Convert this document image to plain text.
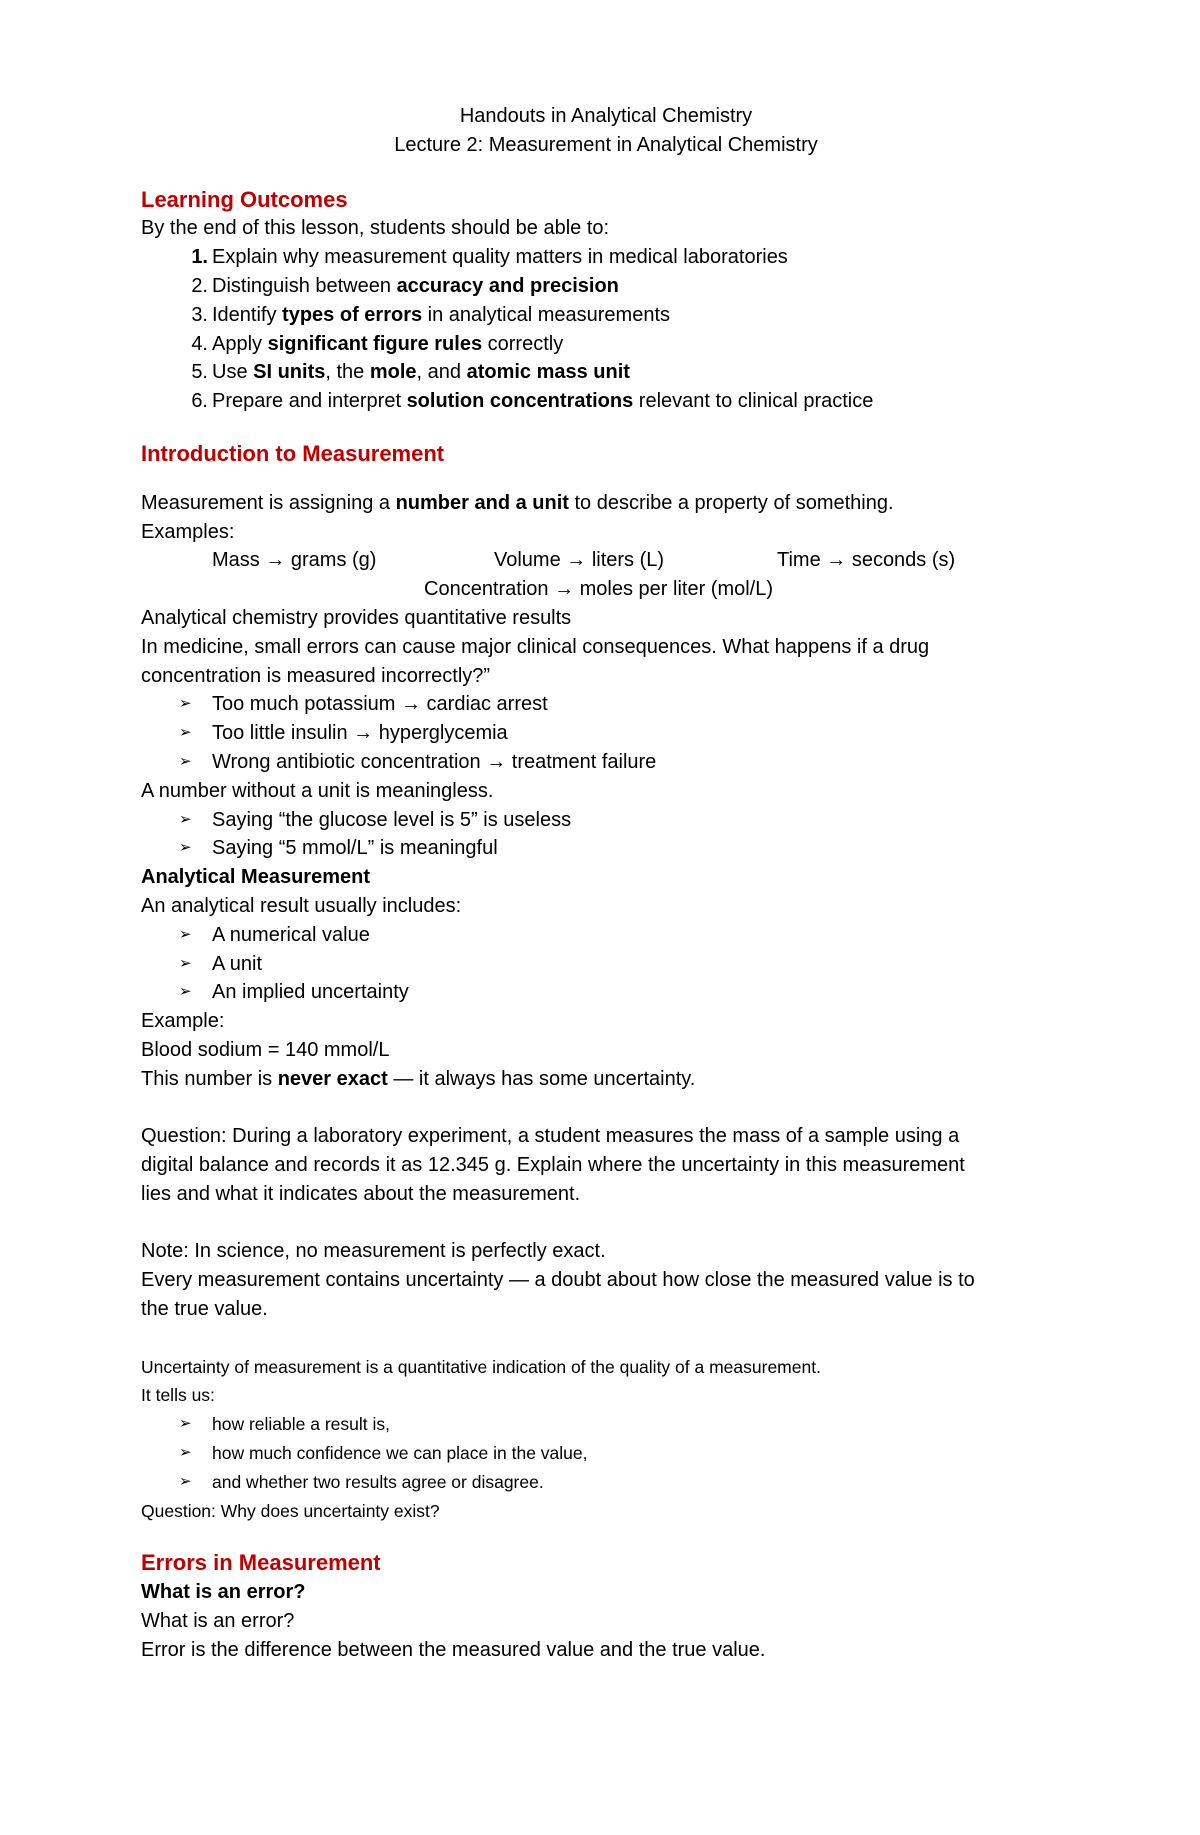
Handouts in Analytical Chemistry
Lecture 2: Measurement in Analytical Chemistry
Learning Outcomes
By the end of this lesson, students should be able to:
1. Explain why measurement quality matters in medical laboratories
2. Distinguish between accuracy and precision
3. Identify types of errors in analytical measurements
4. Apply significant figure rules correctly
5. Use SI units, the mole, and atomic mass unit
6. Prepare and interpret solution concentrations relevant to clinical practice
Introduction to Measurement
Measurement is assigning a number and a unit to describe a property of something.
Examples:
Mass → grams (g)	Volume → liters (L)	Time → seconds (s)
Concentration → moles per liter (mol/L)
Analytical chemistry provides quantitative results
In medicine, small errors can cause major clinical consequences. What happens if a drug
concentration is measured incorrectly?”
➢ Too much potassium → cardiac arrest
➢ Too little insulin → hyperglycemia
➢ Wrong antibiotic concentration → treatment failure
A number without a unit is meaningless.
➢ Saying “the glucose level is 5” is useless
➢ Saying “5 mmol/L” is meaningful
Analytical Measurement
An analytical result usually includes:
➢ A numerical value
➢ A unit
➢ An implied uncertainty
Example:
Blood sodium = 140 mmol/L
This number is never exact — it always has some uncertainty.
Question: During a laboratory experiment, a student measures the mass of a sample using a
digital balance and records it as 12.345 g. Explain where the uncertainty in this measurement
lies and what it indicates about the measurement.
Note: In science, no measurement is perfectly exact.
Every measurement contains uncertainty — a doubt about how close the measured value is to
the true value.
Uncertainty of measurement is a quantitative indication of the quality of a measurement.
It tells us:
➢ how reliable a result is,
➢ how much confidence we can place in the value,
➢ and whether two results agree or disagree.
Question: Why does uncertainty exist?
Errors in Measurement
What is an error?
What is an error?
Error is the difference between the measured value and the true value.
